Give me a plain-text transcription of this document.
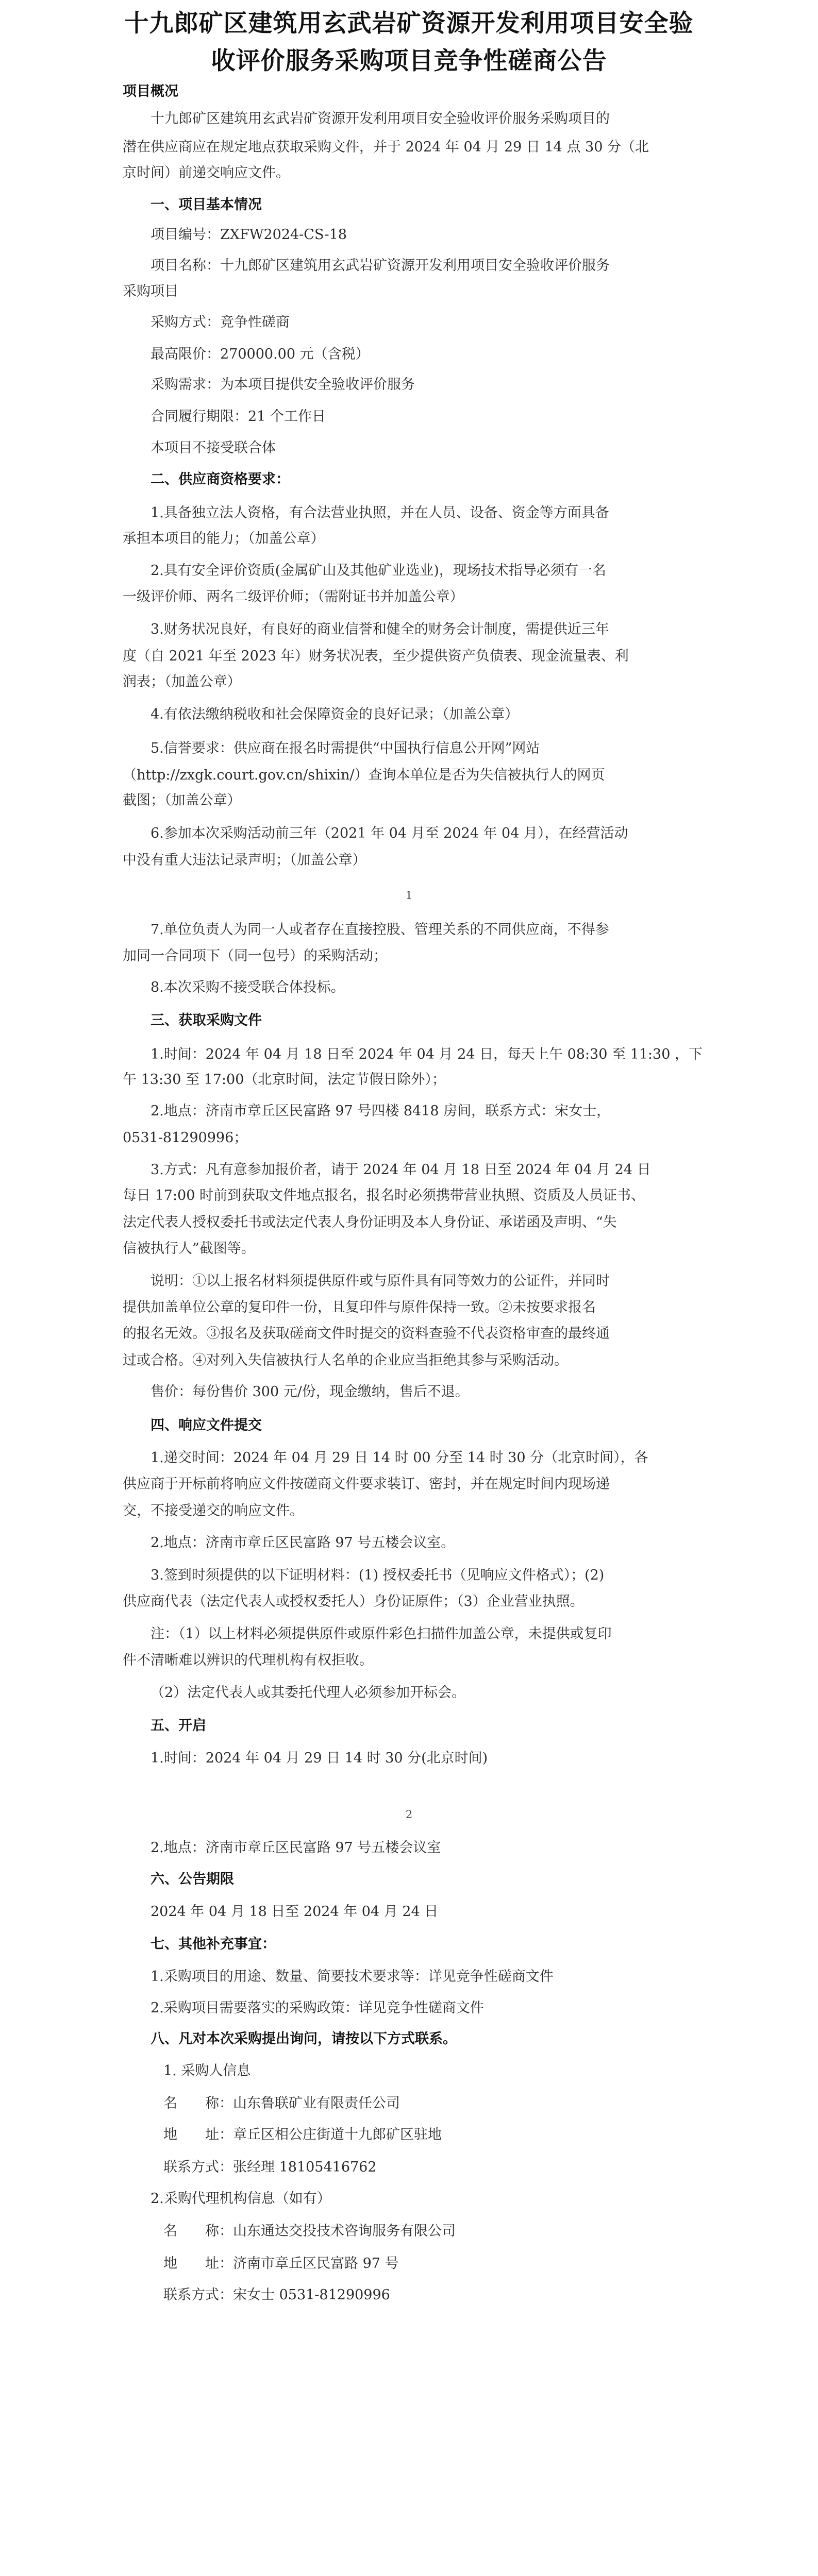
十九郎矿区建筑用玄武岩矿资源开发利用项目安全验
收评价服务采购项目竞争性磋商公告
项目概况
十九郎矿区建筑用玄武岩矿资源开发利用项目安全验收评价服务采购项目的
潜在供应商应在规定地点获取采购文件，并于 2024 年 04 月 29 日 14 点 30 分（北
京时间）前递交响应文件。
一、项目基本情况
项目编号：ZXFW2024-CS-18
项目名称：十九郎矿区建筑用玄武岩矿资源开发利用项目安全验收评价服务
采购项目
采购方式：竞争性磋商
最高限价：270000.00 元（含税）
采购需求：为本项目提供安全验收评价服务
合同履行期限：21 个工作日
本项目不接受联合体
二、供应商资格要求：
1.具备独立法人资格，有合法营业执照，并在人员、设备、资金等方面具备
承担本项目的能力；（加盖公章）
2.具有安全评价资质(金属矿山及其他矿业选业)，现场技术指导必须有一名
一级评价师、两名二级评价师；（需附证书并加盖公章）
3.财务状况良好，有良好的商业信誉和健全的财务会计制度，需提供近三年
度（自 2021 年至 2023 年）财务状况表，至少提供资产负债表、现金流量表、利
润表；（加盖公章）
4.有依法缴纳税收和社会保障资金的良好记录；（加盖公章）
5.信誉要求：供应商在报名时需提供“中国执行信息公开网”网站
（http://zxgk.court.gov.cn/shixin/）查询本单位是否为失信被执行人的网页
截图；（加盖公章）
6.参加本次采购活动前三年（2021 年 04 月至 2024 年 04 月），在经营活动
中没有重大违法记录声明；（加盖公章）
1
7.单位负责人为同一人或者存在直接控股、管理关系的不同供应商，不得参
加同一合同项下（同一包号）的采购活动；
8.本次采购不接受联合体投标。
三、获取采购文件
1.时间：2024 年 04 月 18 日至 2024 年 04 月 24 日，每天上午 08:30 至 11:30 ，下
午 13:30 至 17:00（北京时间，法定节假日除外）；
2.地点：济南市章丘区民富路 97 号四楼 8418 房间，联系方式：宋女士，
0531-81290996；
3.方式：凡有意参加报价者，请于 2024 年 04 月 18 日至 2024 年 04 月 24 日
每日 17:00 时前到获取文件地点报名，报名时必须携带营业执照、资质及人员证书、
法定代表人授权委托书或法定代表人身份证明及本人身份证、承诺函及声明、“失
信被执行人”截图等。
说明：①以上报名材料须提供原件或与原件具有同等效力的公证件，并同时
提供加盖单位公章的复印件一份，且复印件与原件保持一致。②未按要求报名
的报名无效。③报名及获取磋商文件时提交的资料查验不代表资格审查的最终通
过或合格。④对列入失信被执行人名单的企业应当拒绝其参与采购活动。
售价：每份售价 300 元/份，现金缴纳，售后不退。
四、响应文件提交
1.递交时间：2024 年 04 月 29 日 14 时 00 分至 14 时 30 分（北京时间），各
供应商于开标前将响应文件按磋商文件要求装订、密封，并在规定时间内现场递
交，不接受递交的响应文件。
2.地点：济南市章丘区民富路 97 号五楼会议室。
3.签到时须提供的以下证明材料：(1) 授权委托书（见响应文件格式）；(2)
供应商代表（法定代表人或授权委托人）身份证原件；（3）企业营业执照。
注：（1）以上材料必须提供原件或原件彩色扫描件加盖公章，未提供或复印
件不清晰难以辨识的代理机构有权拒收。
（2）法定代表人或其委托代理人必须参加开标会。
五、开启
1.时间：2024 年 04 月 29 日 14 时 30 分(北京时间)
2
2.地点：济南市章丘区民富路 97 号五楼会议室
六、公告期限
2024 年 04 月 18 日至 2024 年 04 月 24 日
七、其他补充事宜：
1.采购项目的用途、数量、简要技术要求等：详见竞争性磋商文件
2.采购项目需要落实的采购政策：详见竞争性磋商文件
八、凡对本次采购提出询问，请按以下方式联系。
1. 采购人信息
名　　称：山东鲁联矿业有限责任公司
地　　址：章丘区相公庄街道十九郎矿区驻地
联系方式：张经理 18105416762
2.采购代理机构信息（如有）
名　　称：山东通达交投技术咨询服务有限公司
地　　址：济南市章丘区民富路 97 号
联系方式：宋女士 0531-81290996
